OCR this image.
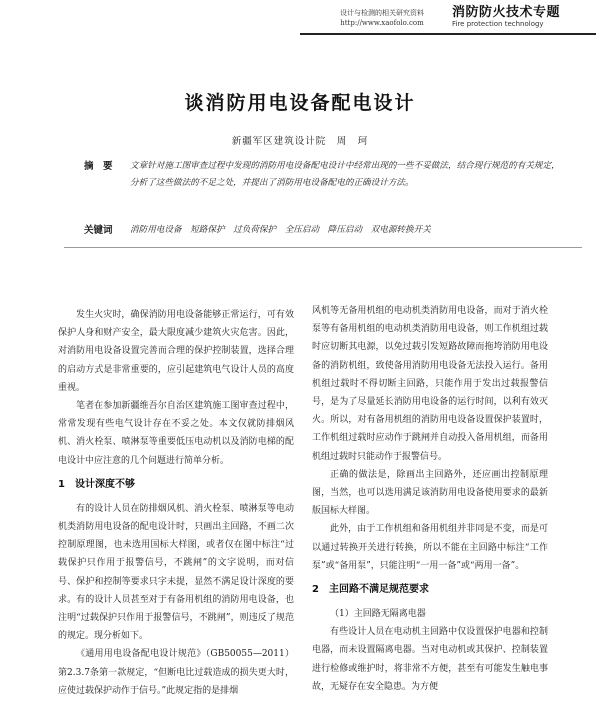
设计与检测的相关研究资料
http://www.xaofolo.com
消防防火技术专题
Fire protection technology
谈消防用电设备配电设计
新疆军区建筑设计院　周　珂
摘　要	文章针对施工图审查过程中发现的消防用电设备配电设计中经常出现的一些不妥做法，结合现行规范的有关规定，分析了这些做法的不足之处，并提出了消防用电设备配电的正确设计方法。
关键词	消防用电设备　短路保护　过负荷保护　全压启动　降压启动　双电源转换开关

发生火灾时，确保消防用电设备能够正常运行，可有效保护人身和财产安全，最大限度减少建筑火灾危害。因此，对消防用电设备设置完善而合理的保护控制装置，选择合理的启动方式是非常重要的，应引起建筑电气设计人员的高度重视。

笔者在参加新疆维吾尔自治区建筑施工图审查过程中，常常发现有些电气设计存在不妥之处。本文仅就防排烟风机、消火栓泵、喷淋泵等重要低压电动机以及消防电梯的配电设计中应注意的几个问题进行简单分析。

1　设计深度不够

有的设计人员在防排烟风机、消火栓泵、喷淋泵等电动机类消防用电设备的配电设计时，只画出主回路，不画二次控制原理图，也未选用国标大样图，或者仅在图中标注“过载保护只作用于报警信号，不跳闸”的文字说明，而对信号、保护和控制等要求只字未提，显然不满足设计深度的要求。有的设计人员甚至对于有备用机组的消防用电设备，也注明“过载保护只作用于报警信号，不跳闸”，则违反了规范的规定。现分析如下。

《通用用电设备配电设计规范》（GB50055—2011）第2.3.7条第一款规定，“但断电比过载造成的损失更大时，应使过载保护动作于信号。”此规定指的是排烟

风机等无备用机组的电动机类消防用电设备，而对于消火栓泵等有备用机组的电动机类消防用电设备，则工作机组过载时应切断其电源，以免过载引发短路故障而拖垮消防用电设备的消防机组，致使备用消防用电设备无法投入运行。备用机组过载时不得切断主回路，只能作用于发出过载报警信号，是为了尽量延长消防用电设备的运行时间，以利有效灭火。所以，对有备用机组的消防用电设备设置保护装置时，工作机组过载时应动作于跳闸并自动投入备用机组，而备用机组过载时只能动作于报警信号。

正确的做法是，除画出主回路外，还应画出控制原理图，当然，也可以选用满足该消防用电设备使用要求的最新版国标大样图。

此外，由于工作机组和备用机组并非同是不变，而是可以通过转换开关进行转换，所以不能在主回路中标注“工作泵”或“备用泵”，只能注明“一用一备”或“两用一备”。

2　主回路不满足规范要求

（1）主回路无隔离电器

有些设计人员在电动机主回路中仅设置保护电器和控制电器，而未设置隔离电器。当对电动机或其保护、控制装置进行检修或维护时，将非常不方便，甚至有可能发生触电事故，无疑存在安全隐患。为方便
